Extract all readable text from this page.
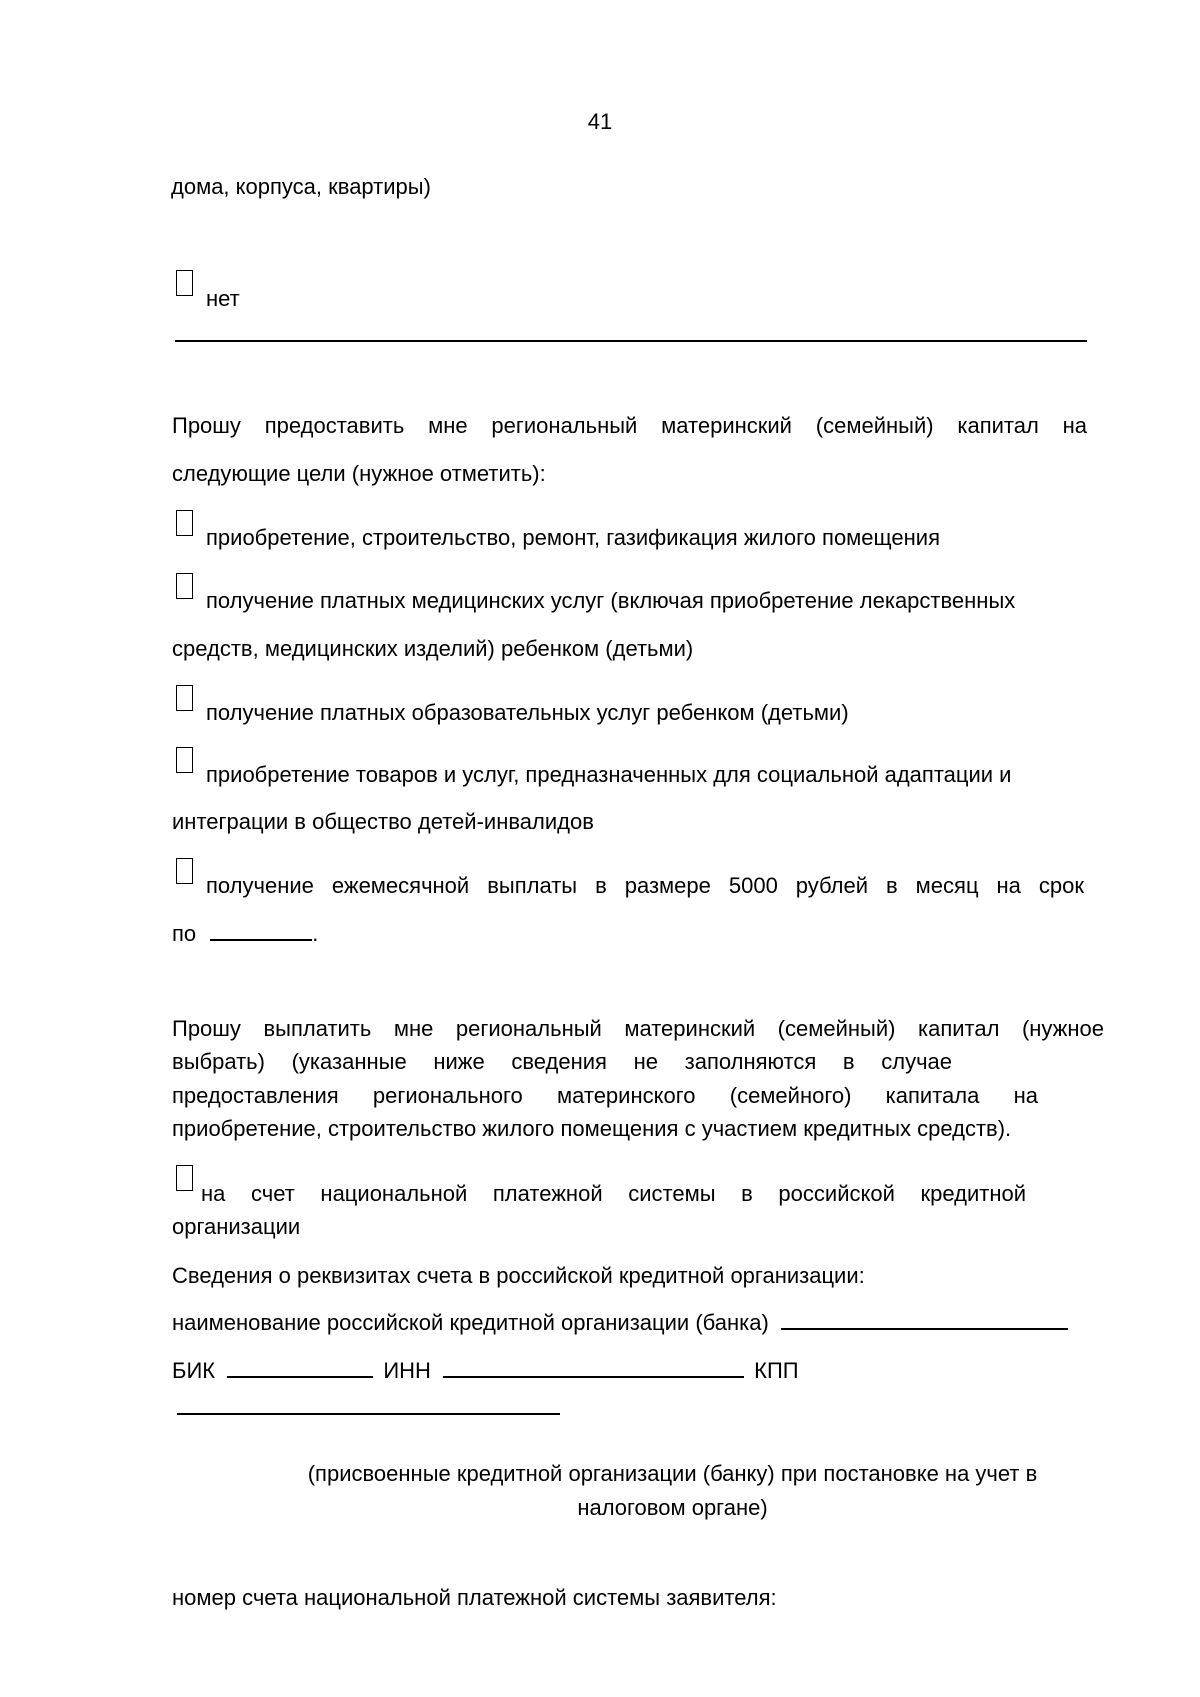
41
дома, корпуса, квартиры)
нет
Прошу предоставить мне региональный материнский (семейный) капитал на
следующие цели (нужное отметить):
приобретение, строительство, ремонт, газификация жилого помещения
получение платных медицинских услуг (включая приобретение лекарственных
средств, медицинских изделий) ребенком (детьми)
получение платных образовательных услуг ребенком (детьми)
приобретение товаров и услуг, предназначенных для социальной адаптации и
интеграции в общество детей-инвалидов
получение ежемесячной выплаты в размере 5000 рублей в месяц на срок
по	.
Прошу выплатить мне региональный материнский (семейный) капитал (нужное
выбрать) (указанные ниже сведения не заполняются в случае
предоставления регионального материнского (семейного) капитала на
приобретение, строительство жилого помещения с участием кредитных средств).
на счет национальной платежной системы в российской кредитной
организации
Сведения о реквизитах счета в российской кредитной организации:
наименование российской кредитной организации (банка)
БИК	ИНН	КПП
(присвоенные кредитной организации (банку) при постановке на учет в
налоговом органе)
номер счета национальной платежной системы заявителя:
